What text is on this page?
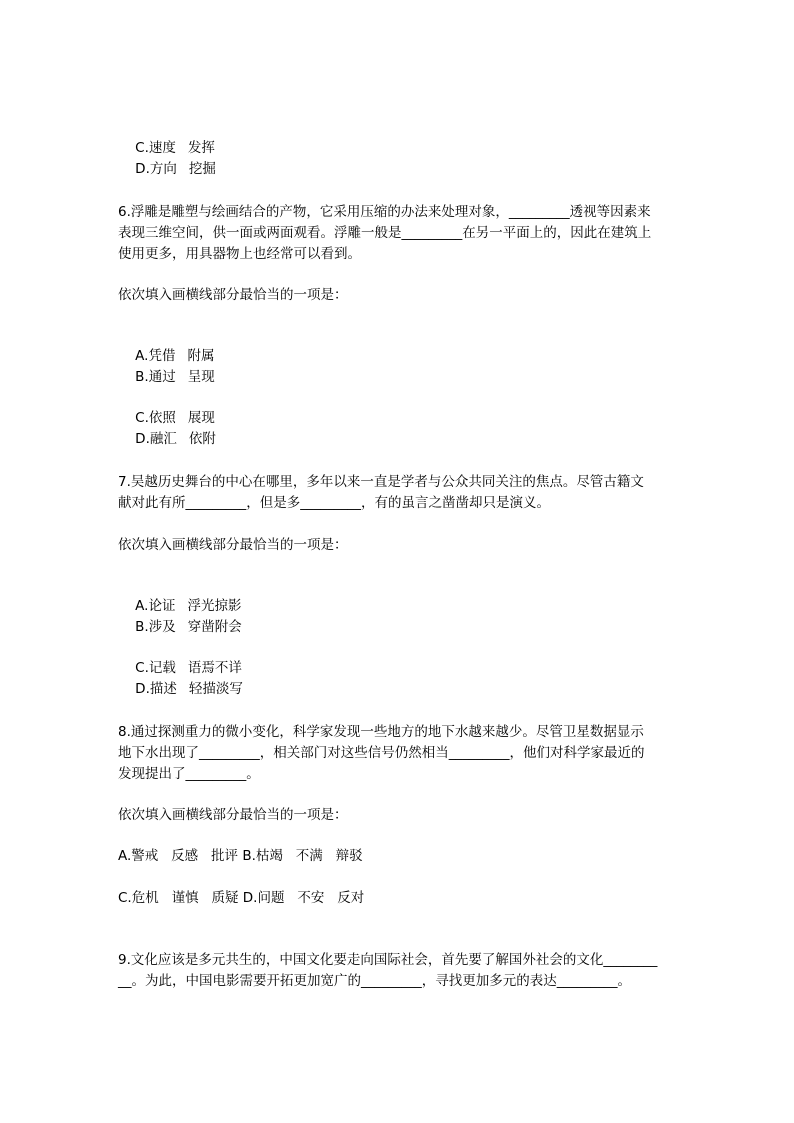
C.速度 发挥

D.方向 挖掘

6.浮雕是雕塑与绘画结合的产物，它采用压缩的办法来处理对象，_________透视等因素来
表现三维空间，供一面或两面观看。浮雕一般是_________在另一平面上的，因此在建筑上
使用更多，用具器物上也经常可以看到。
依次填入画横线部分最恰当的一项是：

A.凭借 附属

B.通过 呈现

C.依照 展现

D.融汇 依附

7.吴越历史舞台的中心在哪里，多年以来一直是学者与公众共同关注的焦点。尽管古籍文
献对此有所_________，但是多_________，有的虽言之凿凿却只是演义。
依次填入画横线部分最恰当的一项是：

A.论证 浮光掠影

B.涉及 穿凿附会

C.记载 语焉不详

D.描述 轻描淡写

8.通过探测重力的微小变化，科学家发现一些地方的地下水越来越少。尽管卫星数据显示
地下水出现了_________，相关部门对这些信号仍然相当_________，他们对科学家最近的
发现提出了_________。
依次填入画横线部分最恰当的一项是：
A.警戒   反感   批评 B.枯竭   不满   辩驳
C.危机   谨慎   质疑 D.问题   不安   反对
9.文化应该是多元共生的，中国文化要走向国际社会，首先要了解国外社会的文化________
__。为此，中国电影需要开拓更加宽广的_________，寻找更加多元的表达_________。
